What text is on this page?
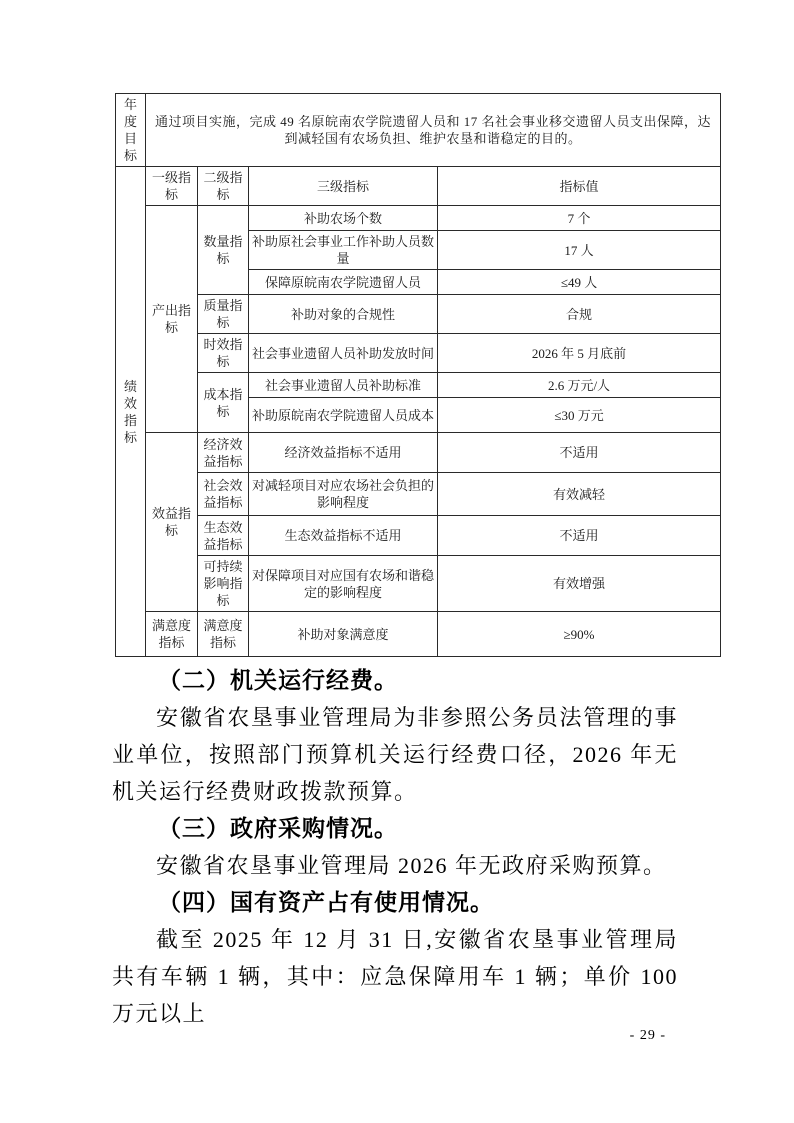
年度目标	通过项目实施，完成 49 名原皖南农学院遗留人员和 17 名社会事业移交遗留人员支出保障，达到减轻国有农场负担、维护农垦和谐稳定的目的。			
绩效指标	一级指标	二级指标	三级指标	指标值
	产出指标	数量指标	补助农场个数	7 个
			补助原社会事业工作补助人员数量	17 人
			保障原皖南农学院遗留人员	≤49 人
		质量指标	补助对象的合规性	合规
		时效指标	社会事业遗留人员补助发放时间	2026 年 5 月底前
		成本指标	社会事业遗留人员补助标准	2.6 万元/人
			补助原皖南农学院遗留人员成本	≤30 万元
	效益指标	经济效益指标	经济效益指标不适用	不适用
		社会效益指标	对减轻项目对应农场社会负担的影响程度	有效减轻
		生态效益指标	生态效益指标不适用	不适用
		可持续影响指标	对保障项目对应国有农场和谐稳定的影响程度	有效增强
	满意度指标	满意度指标	补助对象满意度	≥90%
（二）机关运行经费。

安徽省农垦事业管理局为非参照公务员法管理的事业单位，按照部门预算机关运行经费口径，2026 年无机关运行经费财政拨款预算。

（三）政府采购情况。

安徽省农垦事业管理局 2026 年无政府采购预算。

（四）国有资产占有使用情况。

截至 2025 年 12 月 31 日,安徽省农垦事业管理局共有车辆 1 辆，其中：应急保障用车 1 辆；单价 100 万元以上

- 29 -
